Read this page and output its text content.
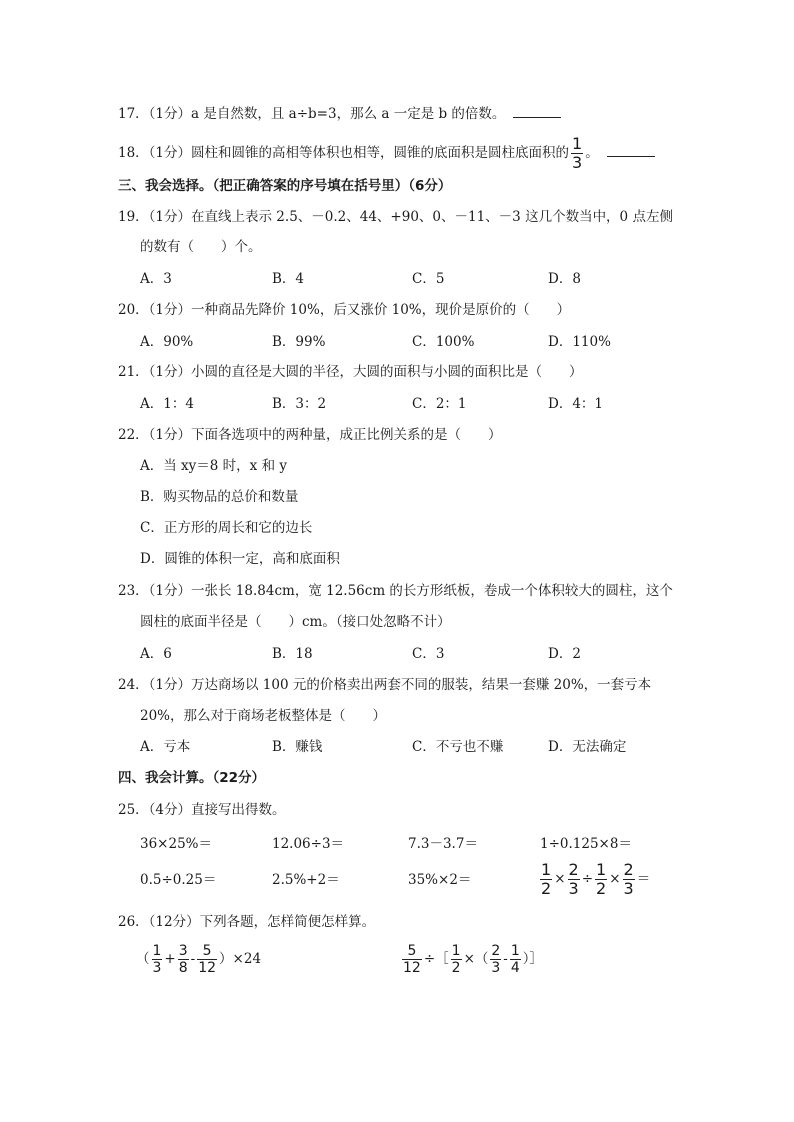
17．（1分）a 是自然数，且 a÷b=3，那么 a 一定是 b 的倍数。
18．（1分）圆柱和圆锥的高相等体积也相等，圆锥的底面积是圆柱底面积的 $\frac{1}{3}$ 。
三、我会选择。（把正确答案的序号填在括号里）（6分）
19．（1分）在直线上表示 2.5、－0.2、44、+90、0、－11、－3 这几个数当中，0 点左侧
的数有（　　）个。
A．3	B．4	C．5	D．8
20．（1分）一种商品先降价 10%，后又涨价 10%，现价是原价的（　　）
A．90%	B．99%	C．100%	D．110%
21．（1分）小圆的直径是大圆的半径，大圆的面积与小圆的面积比是（　　）
A．1：4	B．3：2	C．2：1	D．4：1
22．（1分）下面各选项中的两种量，成正比例关系的是（　　）
A．当 xy＝8 时，x 和 y
B．购买物品的总价和数量
C．正方形的周长和它的边长
D．圆锥的体积一定，高和底面积
23．（1分）一张长 18.84cm，宽 12.56cm 的长方形纸板，卷成一个体积较大的圆柱，这个
圆柱的底面半径是（　　）cm。（接口处忽略不计）
A．6	B．18	C．3	D．2
24．（1分）万达商场以 100 元的价格卖出两套不同的服装，结果一套赚 20%，一套亏本
20%，那么对于商场老板整体是（　　）
A．亏本	B．赚钱	C．不亏也不赚	D．无法确定
四、我会计算。（22分）
25．（4分）直接写出得数。
36×25%＝	12.06÷3＝	7.3－3.7＝	1÷0.125×8＝
0.5÷0.25＝	2.5%+2＝	35%×2＝	$\frac{1}{2} \times \frac{2}{3} \div \frac{1}{2} \times \frac{2}{3}$ ＝
26．（12分）下列各题，怎样简便怎样算。
（ $\frac{1}{3} + \frac{3}{8} - \frac{5}{12} )\times 24$	$\frac{5}{12}$ ÷［ $\frac{1}{2}$ ×（ $\frac{2}{3} - \frac{1}{4}$ ）］
